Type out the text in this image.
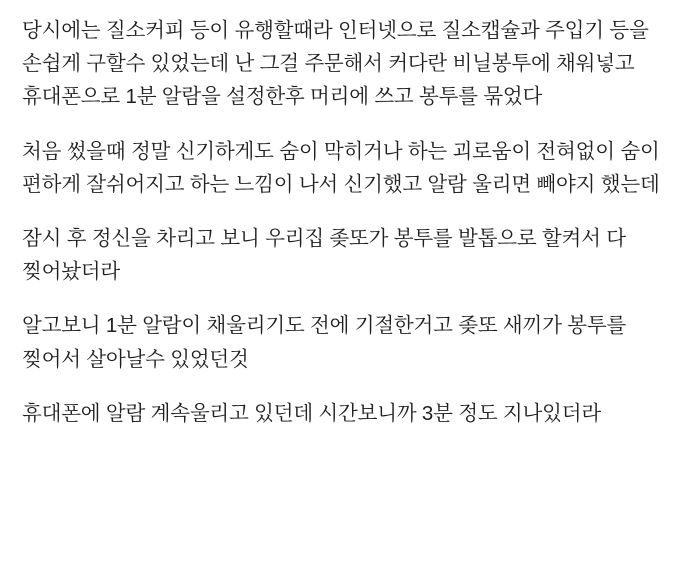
당시에는 질소커피 등이 유행할때라 인터넷으로 질소캡슐과 주입기 등을 손쉽게 구할수 있었는데 난 그걸 주문해서 커다란 비닐봉투에 채워넣고 휴대폰으로 1분 알람을 설정한후 머리에 쓰고 봉투를 묶었다

처음 썼을때 정말 신기하게도 숨이 막히거나 하는 괴로움이 전혀없이 숨이 편하게 잘쉬어지고 하는 느낌이 나서 신기했고 알람 울리면 빼야지 했는데

잠시 후 정신을 차리고 보니 우리집 좆또가 봉투를 발톱으로 할켜서 다 찢어놨더라

알고보니 1분 알람이 채울리기도 전에 기절한거고 좆또 새끼가 봉투를 찢어서 살아날수 있었던것

휴대폰에 알람 계속울리고 있던데 시간보니까 3분 정도 지나있더라
